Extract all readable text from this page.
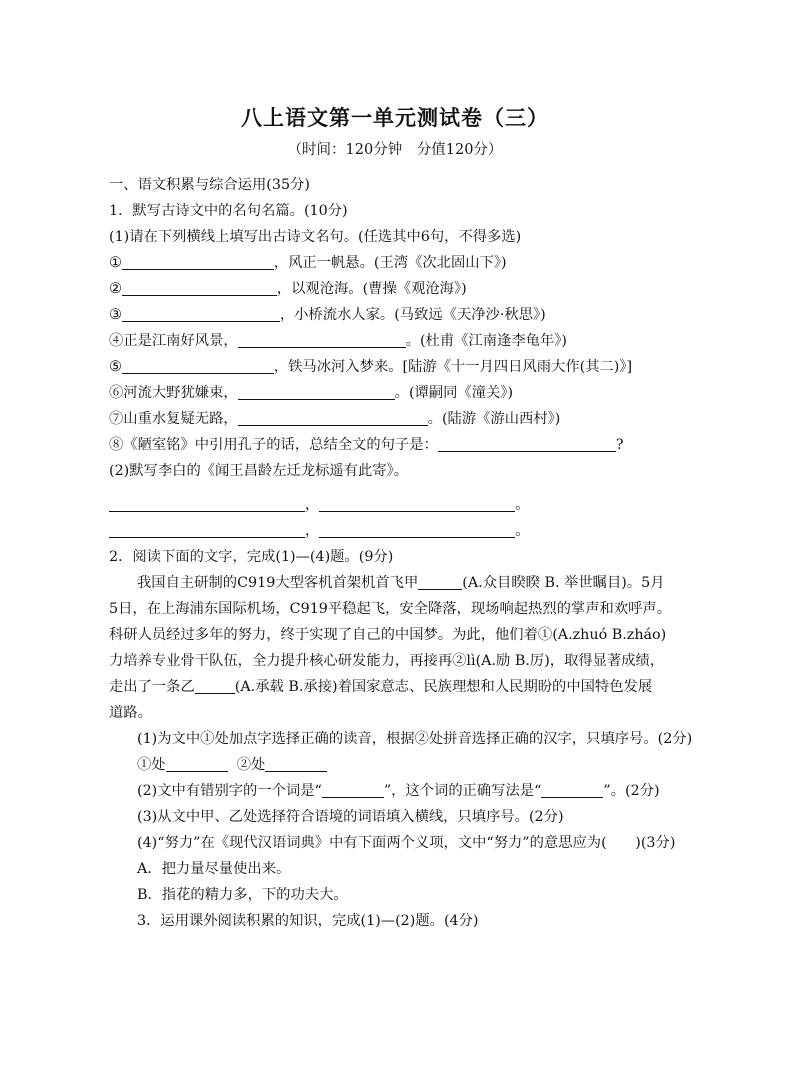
八上语文第一单元测试卷（三）
（时间：120分钟　分值120分）
一、语文积累与综合运用(35分)
1．默写古诗文中的名句名篇。(10分)
(1)请在下列横线上填写出古诗文名句。(任选其中6句，不得多选)
①	，风正一帆悬。(王湾《次北固山下》)
②	，以观沧海。(曹操《观沧海》)
③	，小桥流水人家。(马致远《天净沙·秋思》)
④正是江南好风景，	。(杜甫《江南逢李龟年》)
⑤	，铁马冰河入梦来。[陆游《十一月四日风雨大作(其二)》]
⑥河流大野犹嫌束，	。(谭嗣同《潼关》)
⑦山重水复疑无路，	。(陆游《游山西村》)
⑧《陋室铭》中引用孔子的话，总结全文的句子是：	?
(2)默写李白的《闻王昌龄左迁龙标遥有此寄》。
，	。
，	。
2．阅读下面的文字，完成(1)—(4)题。(9分)
我国自主研制的C919大型客机首架机首飞甲	(A.众目睽睽 B. 举世瞩目)。5月
5日，在上海浦东国际机场，C919平稳起飞，安全降落，现场响起热烈的掌声和欢呼声。
科研人员经过多年的努力，终于实现了自己的中国梦。为此，他们着①(A.zhuó B.zháo)
力培养专业骨干队伍，全力提升核心研发能力，再接再②lì(A.励 B.厉)，取得显著成绩，
走出了一条乙	(A.承载 B.承接)着国家意志、民族理想和人民期盼的中国特色发展
道路。
(1)为文中①处加点字选择正确的读音，根据②处拼音选择正确的汉字，只填序号。(2分)
①处	②处
(2)文中有错别字的一个词是“	”，这个词的正确写法是“	”。(2分)
(3)从文中甲、乙处选择符合语境的词语填入横线，只填序号。(2分)
(4)“努力”在《现代汉语词典》中有下面两个义项，文中“努力”的意思应为(　　)(3分)
A．把力量尽量使出来。
B．指花的精力多，下的功夫大。
3．运用课外阅读积累的知识，完成(1)—(2)题。(4分)
